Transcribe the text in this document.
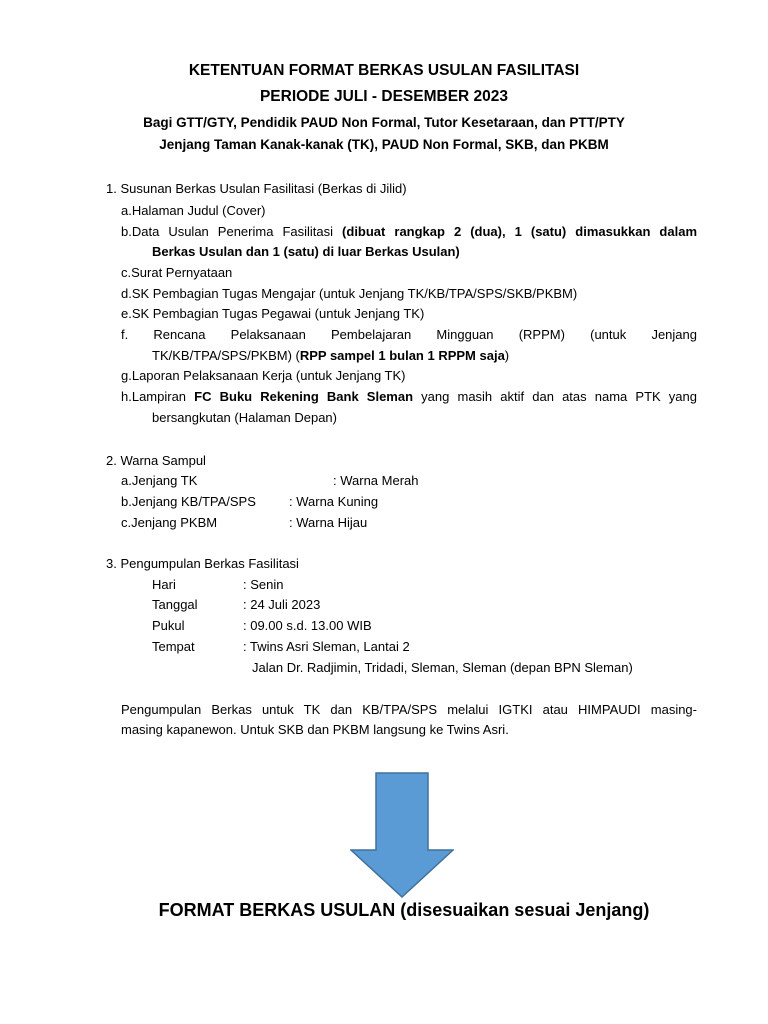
KETENTUAN FORMAT BERKAS USULAN FASILITASI
PERIODE JULI - DESEMBER 2023
Bagi GTT/GTY, Pendidik PAUD Non Formal, Tutor Kesetaraan, dan PTT/PTY
Jenjang Taman Kanak-kanak (TK), PAUD Non Formal, SKB, dan PKBM
1. Susunan Berkas Usulan Fasilitasi (Berkas di Jilid)
a.Halaman Judul (Cover)
b.Data Usulan Penerima Fasilitasi (dibuat rangkap 2 (dua), 1 (satu) dimasukkan dalam
Berkas Usulan dan 1 (satu) di luar Berkas Usulan)
c.Surat Pernyataan
d.SK Pembagian Tugas Mengajar (untuk Jenjang TK/KB/TPA/SPS/SKB/PKBM)
e.SK Pembagian Tugas Pegawai (untuk Jenjang TK)
f. Rencana Pelaksanaan Pembelajaran Mingguan (RPPM) (untuk Jenjang
TK/KB/TPA/SPS/PKBM) (RPP sampel 1 bulan 1 RPPM saja)
g.Laporan Pelaksanaan Kerja (untuk Jenjang TK)
h.Lampiran FC Buku Rekening Bank Sleman yang masih aktif dan atas nama PTK yang
bersangkutan (Halaman Depan)
2. Warna Sampul
a.Jenjang TK	: Warna Merah
b.Jenjang KB/TPA/SPS	: Warna Kuning
c.Jenjang PKBM	: Warna Hijau
3. Pengumpulan Berkas Fasilitasi
Hari	: Senin
Tanggal	: 24 Juli 2023
Pukul	: 09.00 s.d. 13.00 WIB
Tempat	: Twins Asri Sleman, Lantai 2
Jalan Dr. Radjimin, Tridadi, Sleman, Sleman (depan BPN Sleman)
Pengumpulan Berkas untuk TK dan KB/TPA/SPS melalui IGTKI atau HIMPAUDI masing-
masing kapanewon. Untuk SKB dan PKBM langsung ke Twins Asri.
FORMAT BERKAS USULAN (disesuaikan sesuai Jenjang)
